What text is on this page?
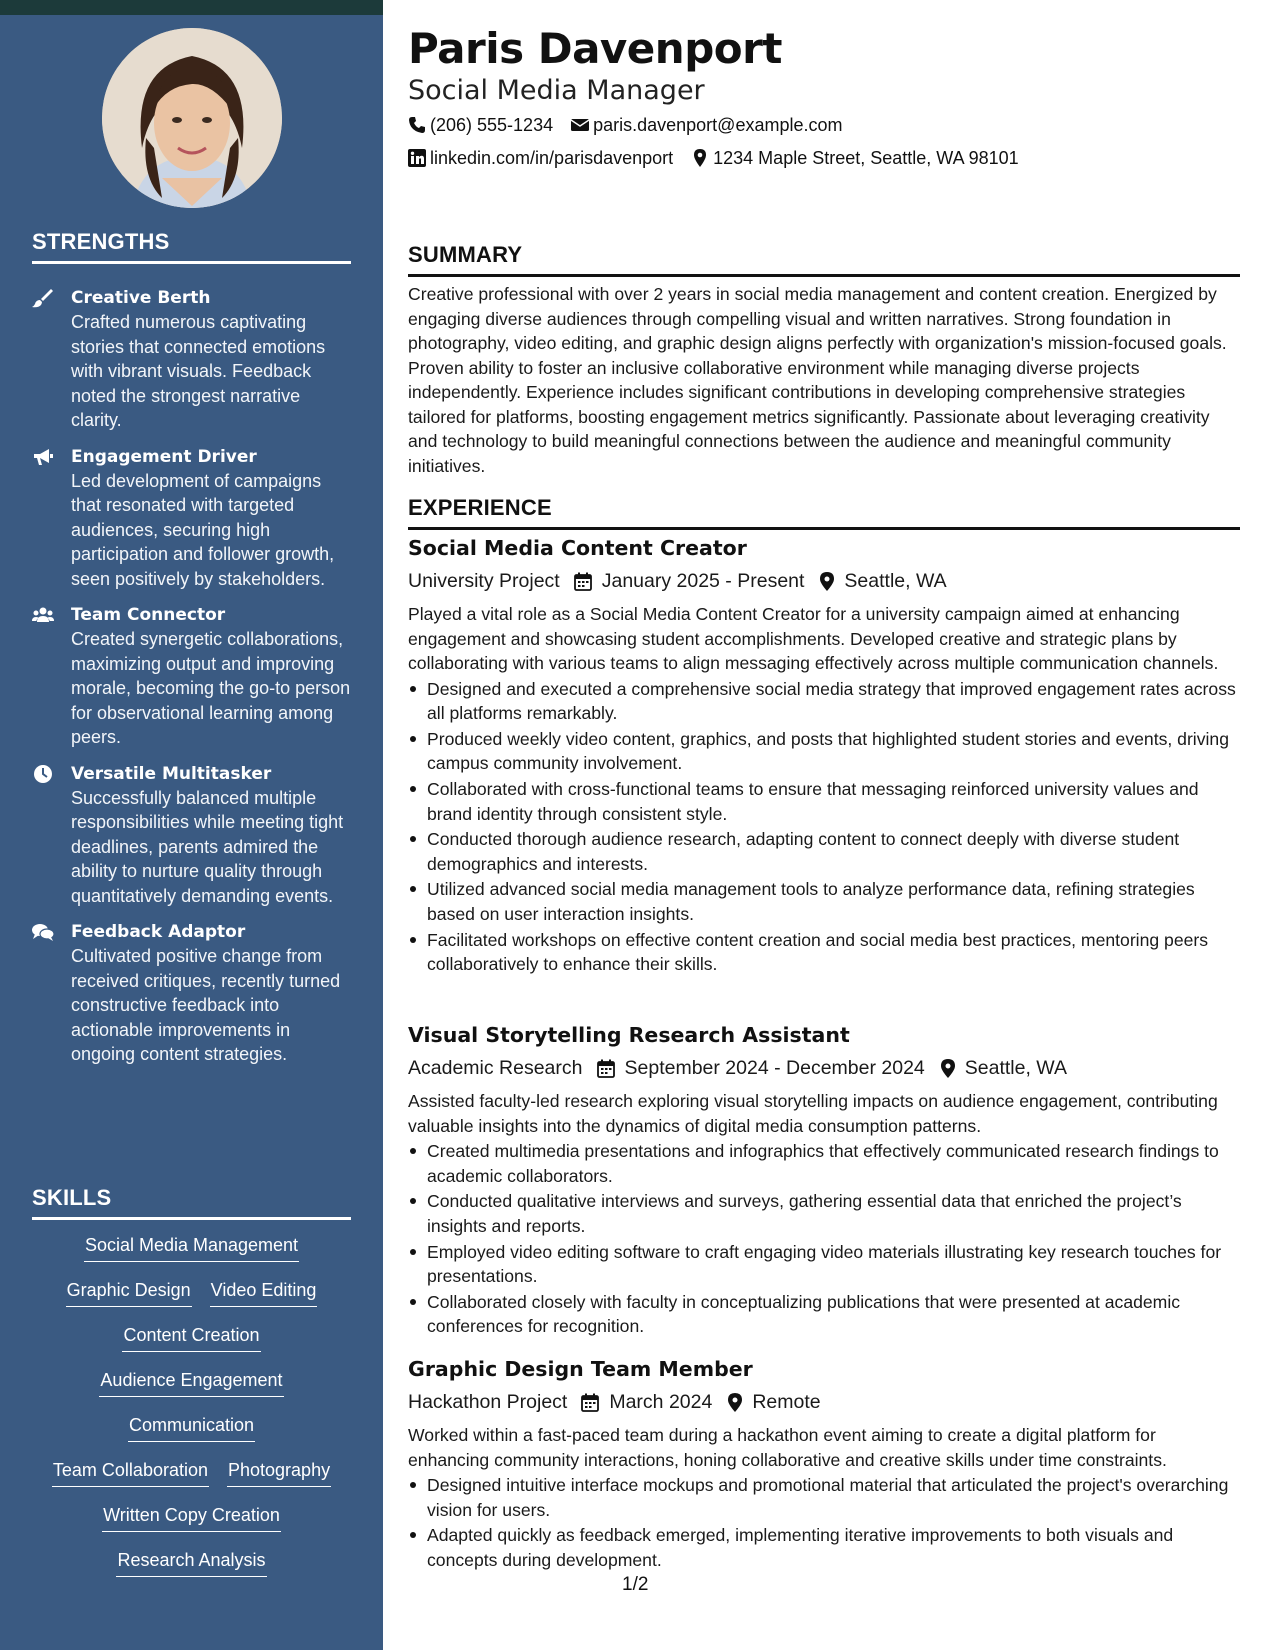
STRENGTHS
Creative Berth
Crafted numerous captivating stories that connected emotions with vibrant visuals. Feedback noted the strongest narrative clarity.
Engagement Driver
Led development of campaigns that resonated with targeted audiences, securing high participation and follower growth, seen positively by stakeholders.
Team Connector
Created synergetic collaborations, maximizing output and improving morale, becoming the go-to person for observational learning among peers.
Versatile Multitasker
Successfully balanced multiple responsibilities while meeting tight deadlines, parents admired the ability to nurture quality through quantitatively demanding events.
Feedback Adaptor
Cultivated positive change from received critiques, recently turned constructive feedback into actionable improvements in ongoing content strategies.
SKILLS
Social Media Management
Graphic Design Video Editing
Content Creation
Audience Engagement
Communication
Team Collaboration Photography
Written Copy Creation
Research Analysis
Paris Davenport
Social Media Manager
(206) 555-1234 paris.davenport@example.com
linkedin.com/in/parisdavenport 1234 Maple Street, Seattle, WA 98101
SUMMARY
Creative professional with over 2 years in social media management and content creation. Energized by engaging diverse audiences through compelling visual and written narratives. Strong foundation in photography, video editing, and graphic design aligns perfectly with organization's mission-focused goals. Proven ability to foster an inclusive collaborative environment while managing diverse projects independently. Experience includes significant contributions in developing comprehensive strategies tailored for platforms, boosting engagement metrics significantly. Passionate about leveraging creativity and technology to build meaningful connections between the audience and meaningful community initiatives.
EXPERIENCE
Social Media Content Creator
University Project January 2025 - Present Seattle, WA
Played a vital role as a Social Media Content Creator for a university campaign aimed at enhancing engagement and showcasing student accomplishments. Developed creative and strategic plans by collaborating with various teams to align messaging effectively across multiple communication channels.
Designed and executed a comprehensive social media strategy that improved engagement rates across all platforms remarkably.
Produced weekly video content, graphics, and posts that highlighted student stories and events, driving campus community involvement.
Collaborated with cross-functional teams to ensure that messaging reinforced university values and brand identity through consistent style.
Conducted thorough audience research, adapting content to connect deeply with diverse student demographics and interests.
Utilized advanced social media management tools to analyze performance data, refining strategies based on user interaction insights.
Facilitated workshops on effective content creation and social media best practices, mentoring peers collaboratively to enhance their skills.
Visual Storytelling Research Assistant
Academic Research September 2024 - December 2024 Seattle, WA
Assisted faculty-led research exploring visual storytelling impacts on audience engagement, contributing valuable insights into the dynamics of digital media consumption patterns.
Created multimedia presentations and infographics that effectively communicated research findings to academic collaborators.
Conducted qualitative interviews and surveys, gathering essential data that enriched the project’s insights and reports.
Employed video editing software to craft engaging video materials illustrating key research touches for presentations.
Collaborated closely with faculty in conceptualizing publications that were presented at academic conferences for recognition.
Graphic Design Team Member
Hackathon Project March 2024 Remote
Worked within a fast-paced team during a hackathon event aiming to create a digital platform for enhancing community interactions, honing collaborative and creative skills under time constraints.
Designed intuitive interface mockups and promotional material that articulated the project's overarching vision for users.
Adapted quickly as feedback emerged, implementing iterative improvements to both visuals and concepts during development.
1/2
